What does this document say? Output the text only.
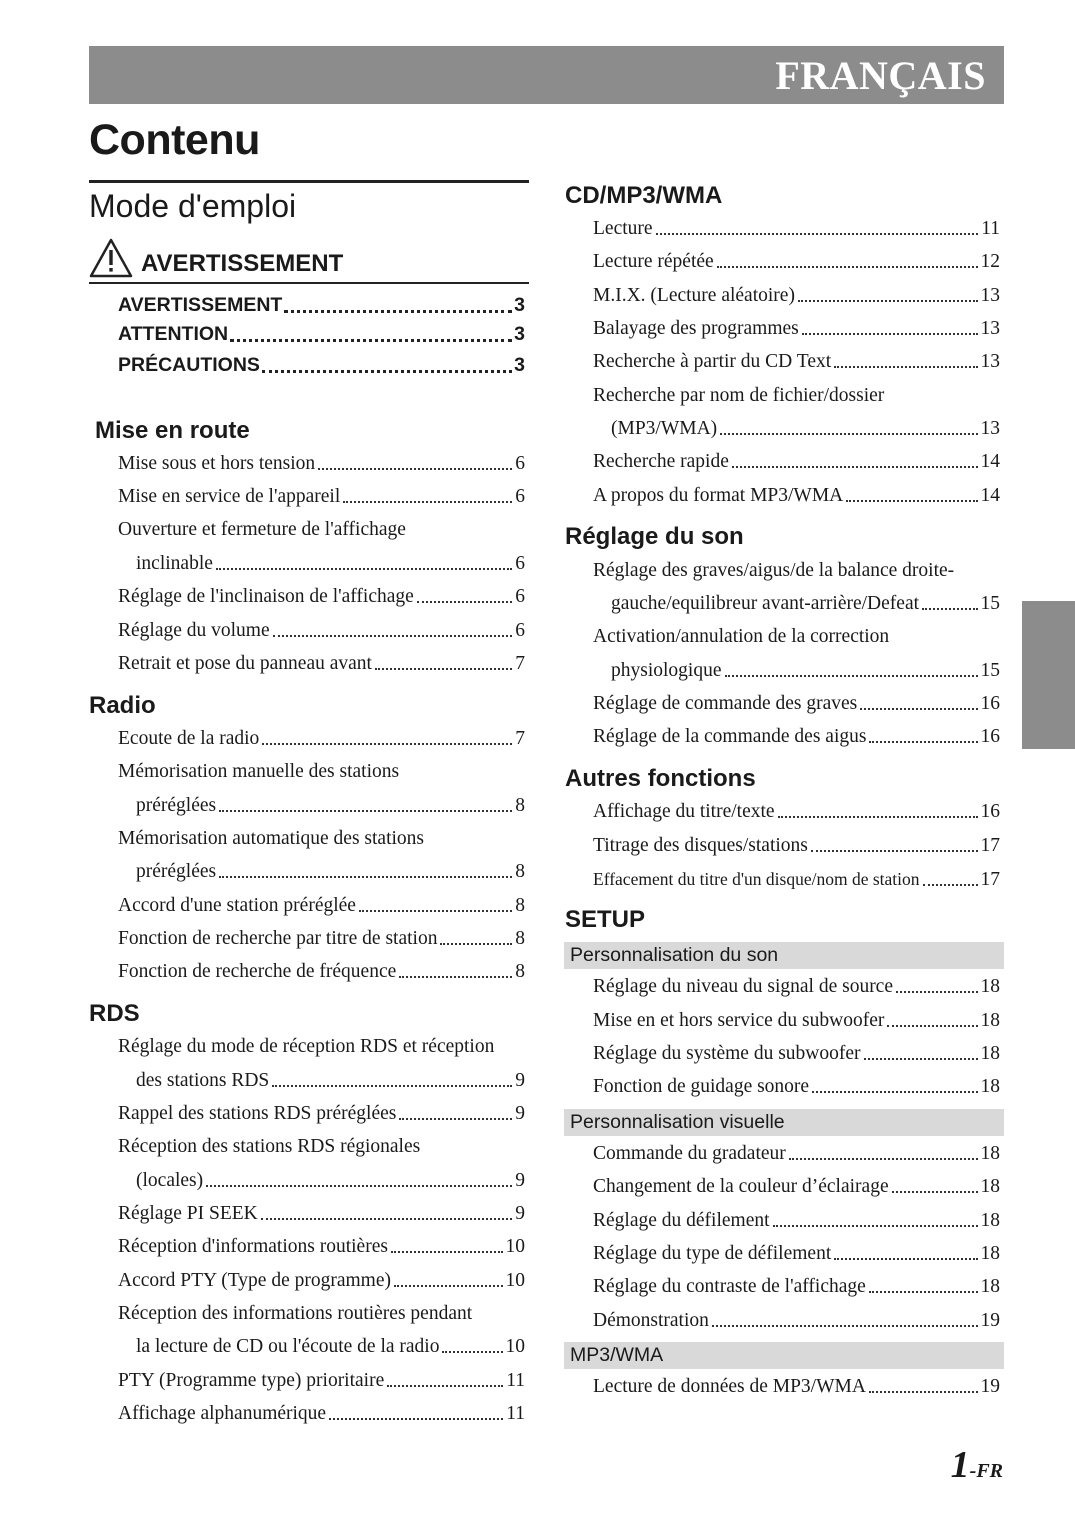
FRANÇAIS
Contenu
Mode d'emploi
AVERTISSEMENT
AVERTISSEMENT	3
ATTENTION	3
PRÉCAUTIONS	3
Mise en route
Mise sous et hors tension	6
Mise en service de l'appareil	6
Ouverture et fermeture de l'affichage
inclinable	6
Réglage de l'inclinaison de l'affichage	6
Réglage du volume	6
Retrait et pose du panneau avant	7
Radio
Ecoute de la radio	7
Mémorisation manuelle des stations
préréglées	8
Mémorisation automatique des stations
préréglées	8
Accord d'une station préréglée	8
Fonction de recherche par titre de station	8
Fonction de recherche de fréquence	8
RDS
Réglage du mode de réception RDS et réception
des stations RDS	9
Rappel des stations RDS préréglées	9
Réception des stations RDS régionales
(locales)	9
Réglage PI SEEK	9
Réception d'informations routières	10
Accord PTY (Type de programme)	10
Réception des informations routières pendant
la lecture de CD ou l'écoute de la radio	10
PTY (Programme type) prioritaire	11
Affichage alphanumérique	11
CD/MP3/WMA
Lecture	11
Lecture répétée	12
M.I.X. (Lecture aléatoire)	13
Balayage des programmes	13
Recherche à partir du CD Text	13
Recherche par nom de fichier/dossier
(MP3/WMA)	13
Recherche rapide	14
A propos du format MP3/WMA	14
Réglage du son
Réglage des graves/aigus/de la balance droite-
gauche/equilibreur avant-arrière/Defeat	15
Activation/annulation de la correction
physiologique	15
Réglage de commande des graves	16
Réglage de la commande des aigus	16
Autres fonctions
Affichage du titre/texte	16
Titrage des disques/stations	17
Effacement du titre d'un disque/nom de station	17
SETUP
Personnalisation du son
Réglage du niveau du signal de source	18
Mise en et hors service du subwoofer	18
Réglage du système du subwoofer	18
Fonction de guidage sonore	18
Personnalisation visuelle
Commande du gradateur	18
Changement de la couleur d’éclairage	18
Réglage du défilement	18
Réglage du type de défilement	18
Réglage du contraste de l'affichage	18
Démonstration	19
MP3/WMA
Lecture de données de MP3/WMA	19
1-FR
